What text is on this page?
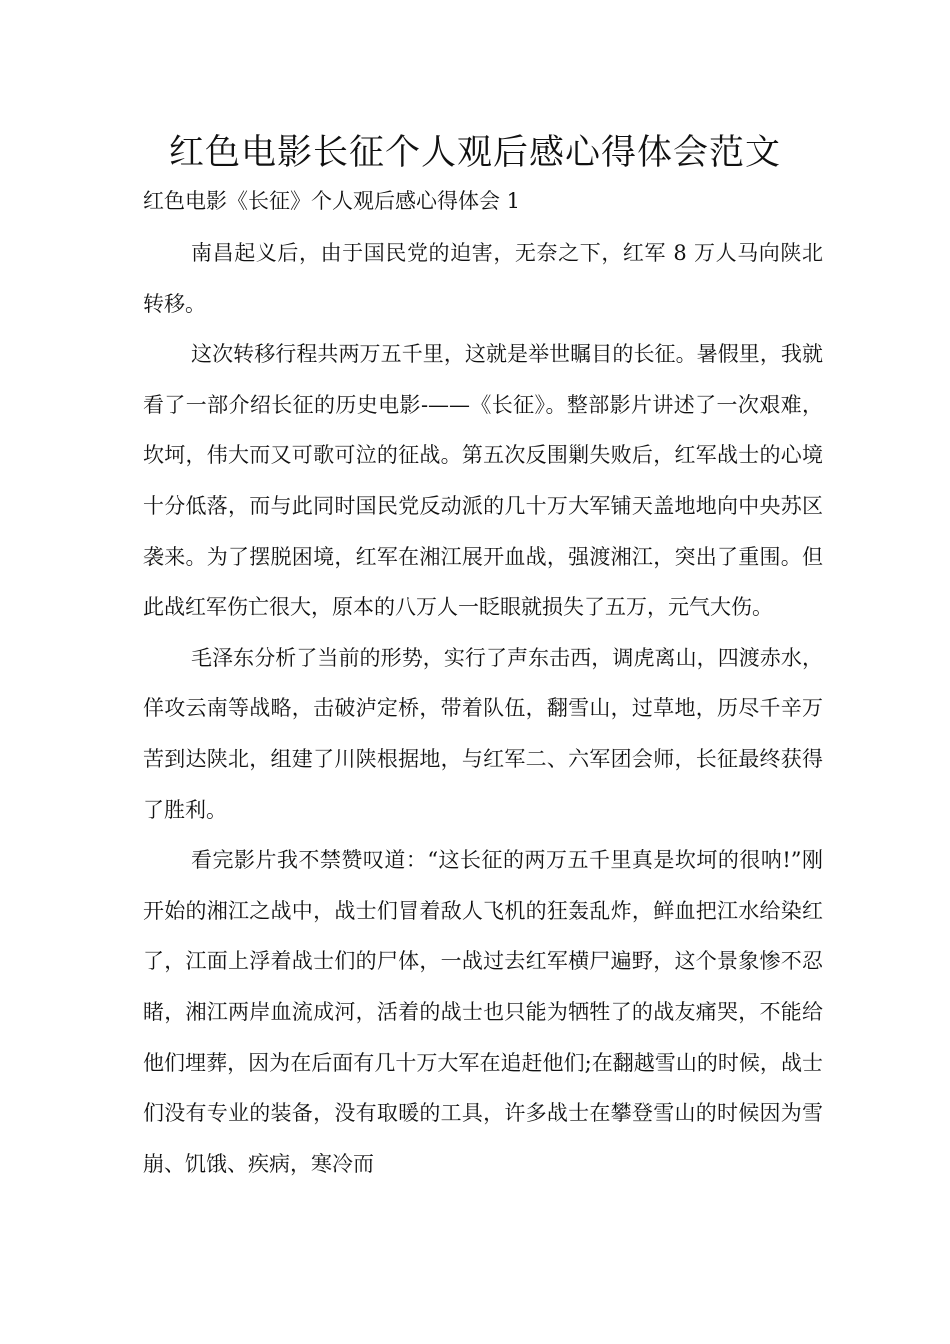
红色电影长征个人观后感心得体会范文

红色电影《长征》个人观后感心得体会 1

南昌起义后，由于国民党的迫害，无奈之下，红军 8 万人马向陕北转移。

这次转移行程共两万五千里，这就是举世瞩目的长征。暑假里，我就看了一部介绍长征的历史电影-——《长征》。整部影片讲述了一次艰难，坎坷，伟大而又可歌可泣的征战。第五次反围剿失败后，红军战士的心境十分低落，而与此同时国民党反动派的几十万大军铺天盖地地向中央苏区袭来。为了摆脱困境，红军在湘江展开血战，强渡湘江，突出了重围。但此战红军伤亡很大，原本的八万人一眨眼就损失了五万，元气大伤。

毛泽东分析了当前的形势，实行了声东击西，调虎离山，四渡赤水，佯攻云南等战略，击破泸定桥，带着队伍，翻雪山，过草地，历尽千辛万苦到达陕北，组建了川陕根据地，与红军二、六军团会师，长征最终获得了胜利。

看完影片我不禁赞叹道：“这长征的两万五千里真是坎坷的很呐!”刚开始的湘江之战中，战士们冒着敌人飞机的狂轰乱炸，鲜血把江水给染红了，江面上浮着战士们的尸体，一战过去红军横尸遍野，这个景象惨不忍睹，湘江两岸血流成河，活着的战士也只能为牺牲了的战友痛哭，不能给他们埋葬，因为在后面有几十万大军在追赶他们;在翻越雪山的时候，战士们没有专业的装备，没有取暖的工具，许多战士在攀登雪山的时候因为雪崩、饥饿、疾病，寒冷而
